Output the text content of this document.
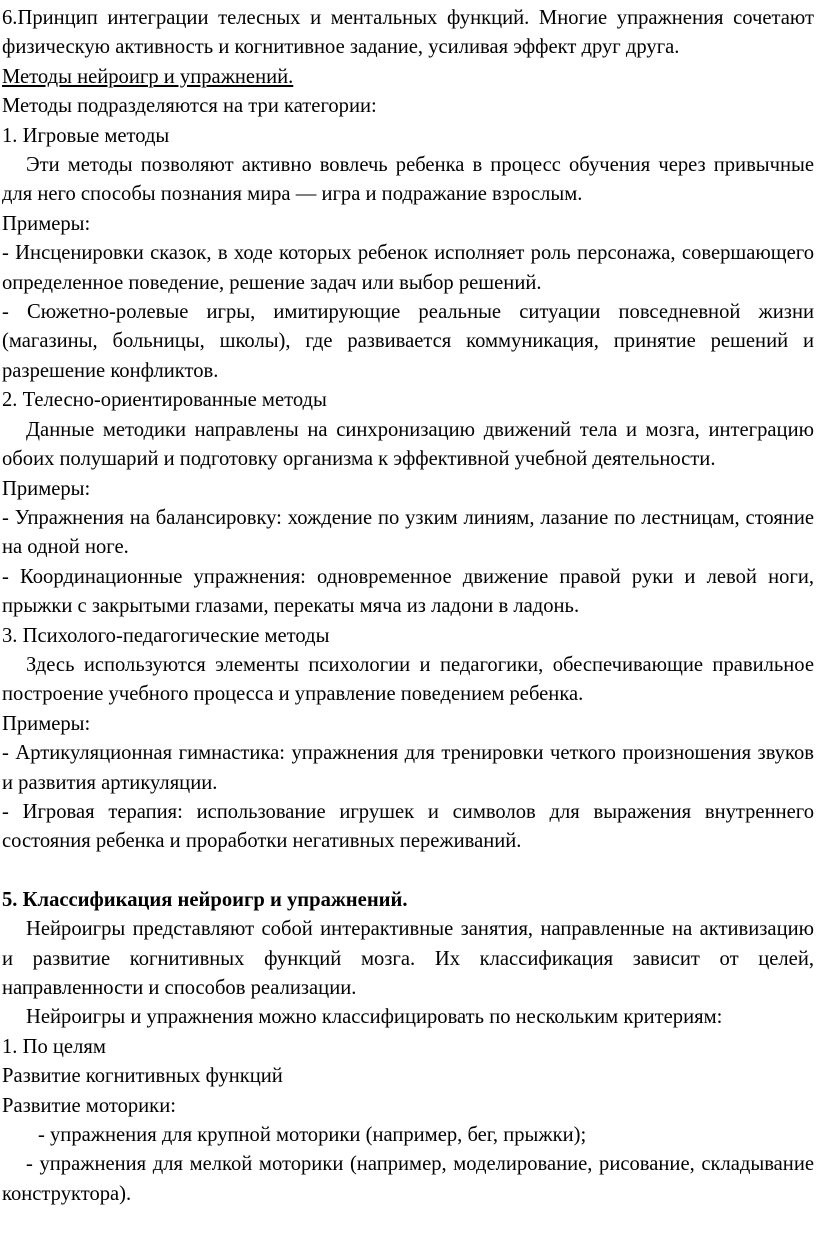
6.Принцип интеграции телесных и ментальных функций. Многие упражнения сочетают физическую активность и когнитивное задание, усиливая эффект друг друга.

Методы нейроигр и упражнений.

Методы подразделяются на три категории:

1. Игровые методы

Эти методы позволяют активно вовлечь ребенка в процесс обучения через привычные для него способы познания мира — игра и подражание взрослым.

Примеры:

- Инсценировки сказок, в ходе которых ребенок исполняет роль персонажа, совершающего определенное поведение, решение задач или выбор решений.

- Сюжетно-ролевые игры, имитирующие реальные ситуации повседневной жизни (магазины, больницы, школы), где развивается коммуникация, принятие решений и разрешение конфликтов.

2. Телесно-ориентированные методы

Данные методики направлены на синхронизацию движений тела и мозга, интеграцию обоих полушарий и подготовку организма к эффективной учебной деятельности.

Примеры:

- Упражнения на балансировку: хождение по узким линиям, лазание по лестницам, стояние на одной ноге.

- Координационные упражнения: одновременное движение правой руки и левой ноги, прыжки с закрытыми глазами, перекаты мяча из ладони в ладонь.

3. Психолого-педагогические методы

Здесь используются элементы психологии и педагогики, обеспечивающие правильное построение учебного процесса и управление поведением ребенка.

Примеры:

- Артикуляционная гимнастика: упражнения для тренировки четкого произношения звуков и развития артикуляции.

- Игровая терапия: использование игрушек и символов для выражения внутреннего состояния ребенка и проработки негативных переживаний.

5. Классификация нейроигр и упражнений.

Нейроигры представляют собой интерактивные занятия, направленные на активизацию и развитие когнитивных функций мозга. Их классификация зависит от целей, направленности и способов реализации.

Нейроигры и упражнения можно классифицировать по нескольким критериям:

1. По целям

Развитие когнитивных функций

Развитие моторики:

- упражнения для крупной моторики (например, бег, прыжки);

- упражнения для мелкой моторики (например, моделирование, рисование, складывание конструктора).
